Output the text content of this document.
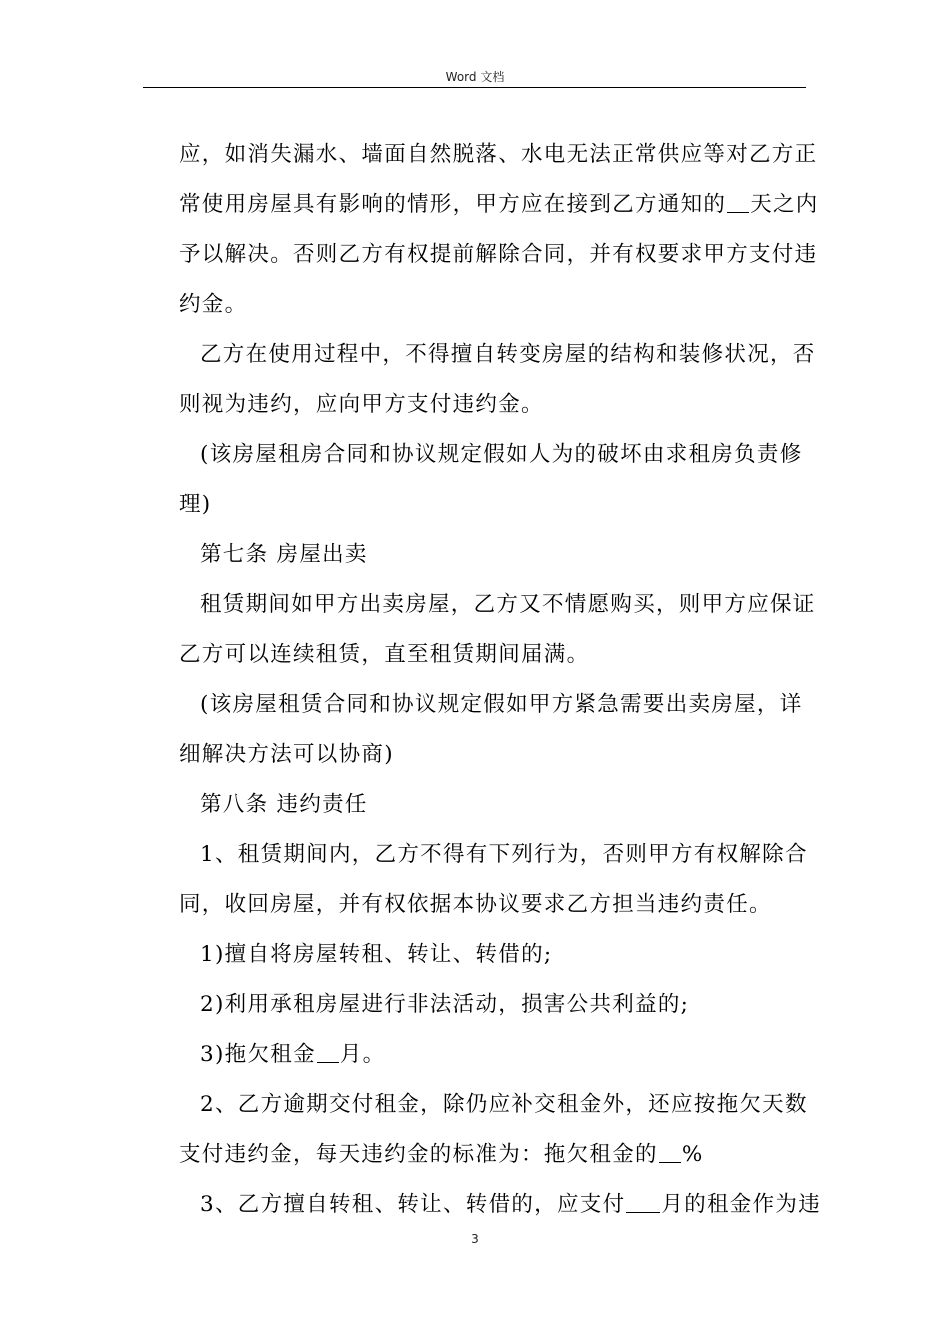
Word 文档
应，如消失漏水、墙面自然脱落、水电无法正常供应等对乙方正
常使用房屋具有影响的情形，甲方应在接到乙方通知的 天之内
予以解决。否则乙方有权提前解除合同，并有权要求甲方支付违
约金。
乙方在使用过程中，不得擅自转变房屋的结构和装修状况，否
则视为违约，应向甲方支付违约金。
(该房屋租房合同和协议规定假如人为的破坏由求租房负责修
理)
第七条 房屋出卖
租赁期间如甲方出卖房屋，乙方又不情愿购买，则甲方应保证
乙方可以连续租赁，直至租赁期间届满。
(该房屋租赁合同和协议规定假如甲方紧急需要出卖房屋，详
细解决方法可以协商)
第八条 违约责任
1、租赁期间内，乙方不得有下列行为，否则甲方有权解除合
同，收回房屋，并有权依据本协议要求乙方担当违约责任。
1)擅自将房屋转租、转让、转借的;
2)利用承租房屋进行非法活动，损害公共利益的;
3)拖欠租金 月。
2、乙方逾期交付租金，除仍应补交租金外，还应按拖欠天数
支付违约金，每天违约金的标准为：拖欠租金的 %
3、乙方擅自转租、转让、转借的，应支付 月的租金作为违
3
